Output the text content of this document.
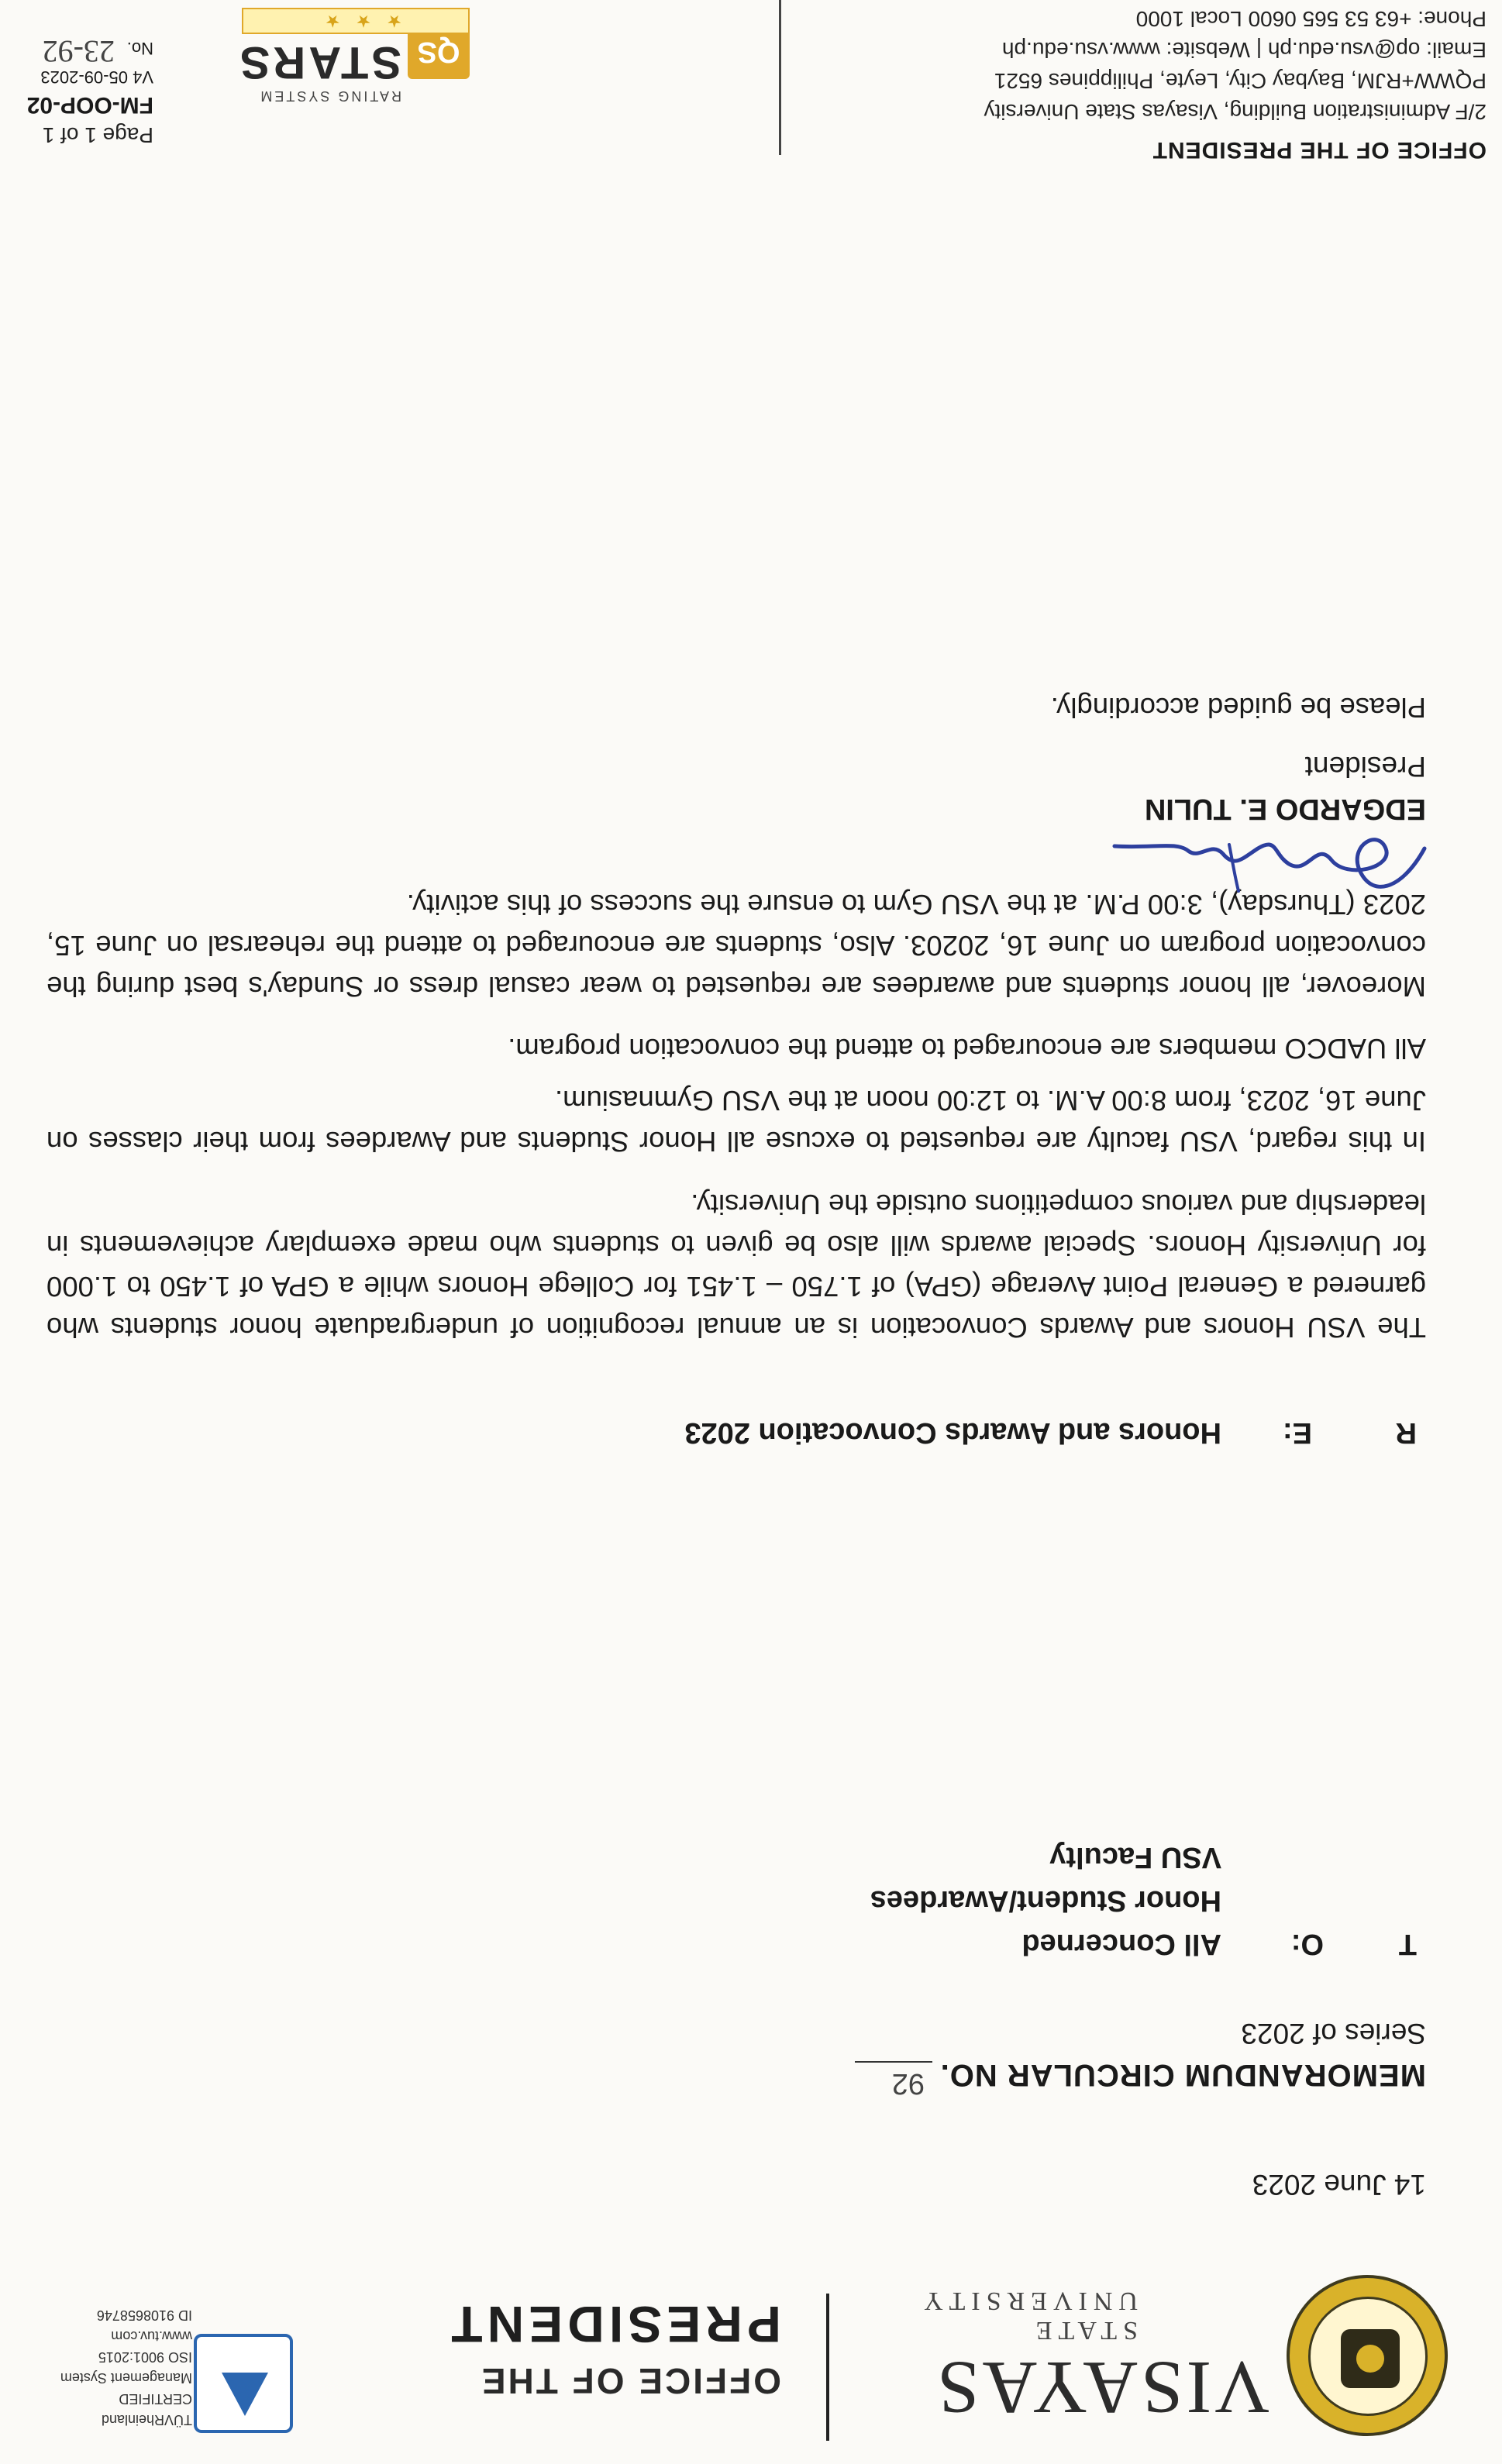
VISAYAS
STATE UNIVERSITY
OFFICE OF THE
PRESIDENT
TÜVRheinland
CERTIFIED
Management System
ISO 9001:2015
www.tuv.com
ID 9108658746
14 June 2023
MEMORANDUM CIRCULAR NO.
92
Series of 2023
T
O:
All Concerned
Honor Student/Awardees
VSU Faculty
R
E:
Honors and Awards Convocation 2023
The VSU Honors and Awards Convocation is an annual recognition of undergraduate honor students who garnered a General Point Average (GPA) of 1.750 – 1.451 for College Honors while a GPA of 1.450 to 1.000 for University Honors. Special awards will also be given to students who made exemplary achievements in leadership and various competitions outside the University.
In this regard, VSU faculty are requested to excuse all Honor Students and Awardees from their classes on June 16, 2023, from 8:00 A.M. to 12:00 noon at the VSU Gymnasium.
All UADCO members are encouraged to attend the convocation program.
Moreover, all honor students and awardees are requested to wear casual dress or Sunday's best during the convocation program on June 16, 20203. Also, students are encouraged to attend the rehearsal on June 15, 2023 (Thursday), 3:00 P.M. at the VSU Gym to ensure the success of this activity.
Please be guided accordingly.
EDGARDO E. TULIN
President
OFFICE OF THE PRESIDENT
2/F Administration Building, Visayas State University
PQWW+RJM, Baybay City, Leyte, Philippines 6521
Email: op@vsu.edu.ph | Website: www.vsu.edu.ph
Phone: +63 53 565 0600 Local 1000
QS
RATING SYSTEM
STARS
★★★
Page 1 of 1
FM-OOP-02
V4 05-09-2023
No.
23-92
